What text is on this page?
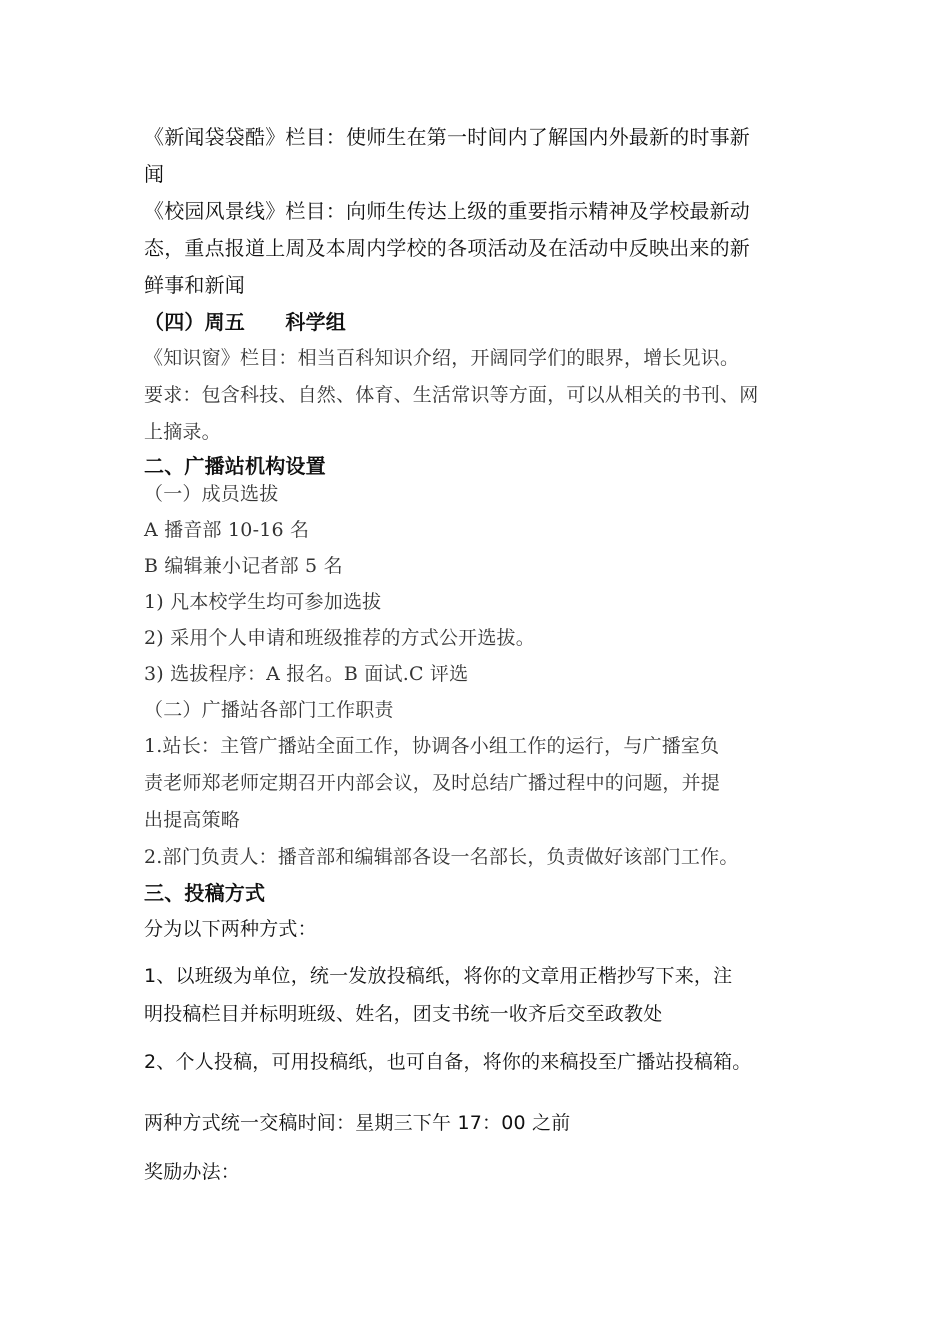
《新闻袋袋酷》栏目：使师生在第一时间内了解国内外最新的时事新
闻
《校园风景线》栏目：向师生传达上级的重要指示精神及学校最新动
态，重点报道上周及本周内学校的各项活动及在活动中反映出来的新
鲜事和新闻
（四）周五　　科学组
《知识窗》栏目：相当百科知识介绍，开阔同学们的眼界，增长见识。
要求：包含科技、自然、体育、生活常识等方面，可以从相关的书刊、网
上摘录。
二、广播站机构设置
（一）成员选拔
A 播音部 10-16 名
B 编辑兼小记者部 5 名
1) 凡本校学生均可参加选拔
2) 采用个人申请和班级推荐的方式公开选拔。
3) 选拔程序：A 报名。B 面试.C 评选
（二）广播站各部门工作职责
1.站长：主管广播站全面工作，协调各小组工作的运行，与广播室负
责老师郑老师定期召开内部会议，及时总结广播过程中的问题，并提
出提高策略
2.部门负责人：播音部和编辑部各设一名部长，负责做好该部门工作。
三、投稿方式
分为以下两种方式：
1、以班级为单位，统一发放投稿纸，将你的文章用正楷抄写下来，注
明投稿栏目并标明班级、姓名，团支书统一收齐后交至政教处
2、个人投稿，可用投稿纸，也可自备，将你的来稿投至广播站投稿箱。
两种方式统一交稿时间：星期三下午 17：00 之前
奖励办法：
